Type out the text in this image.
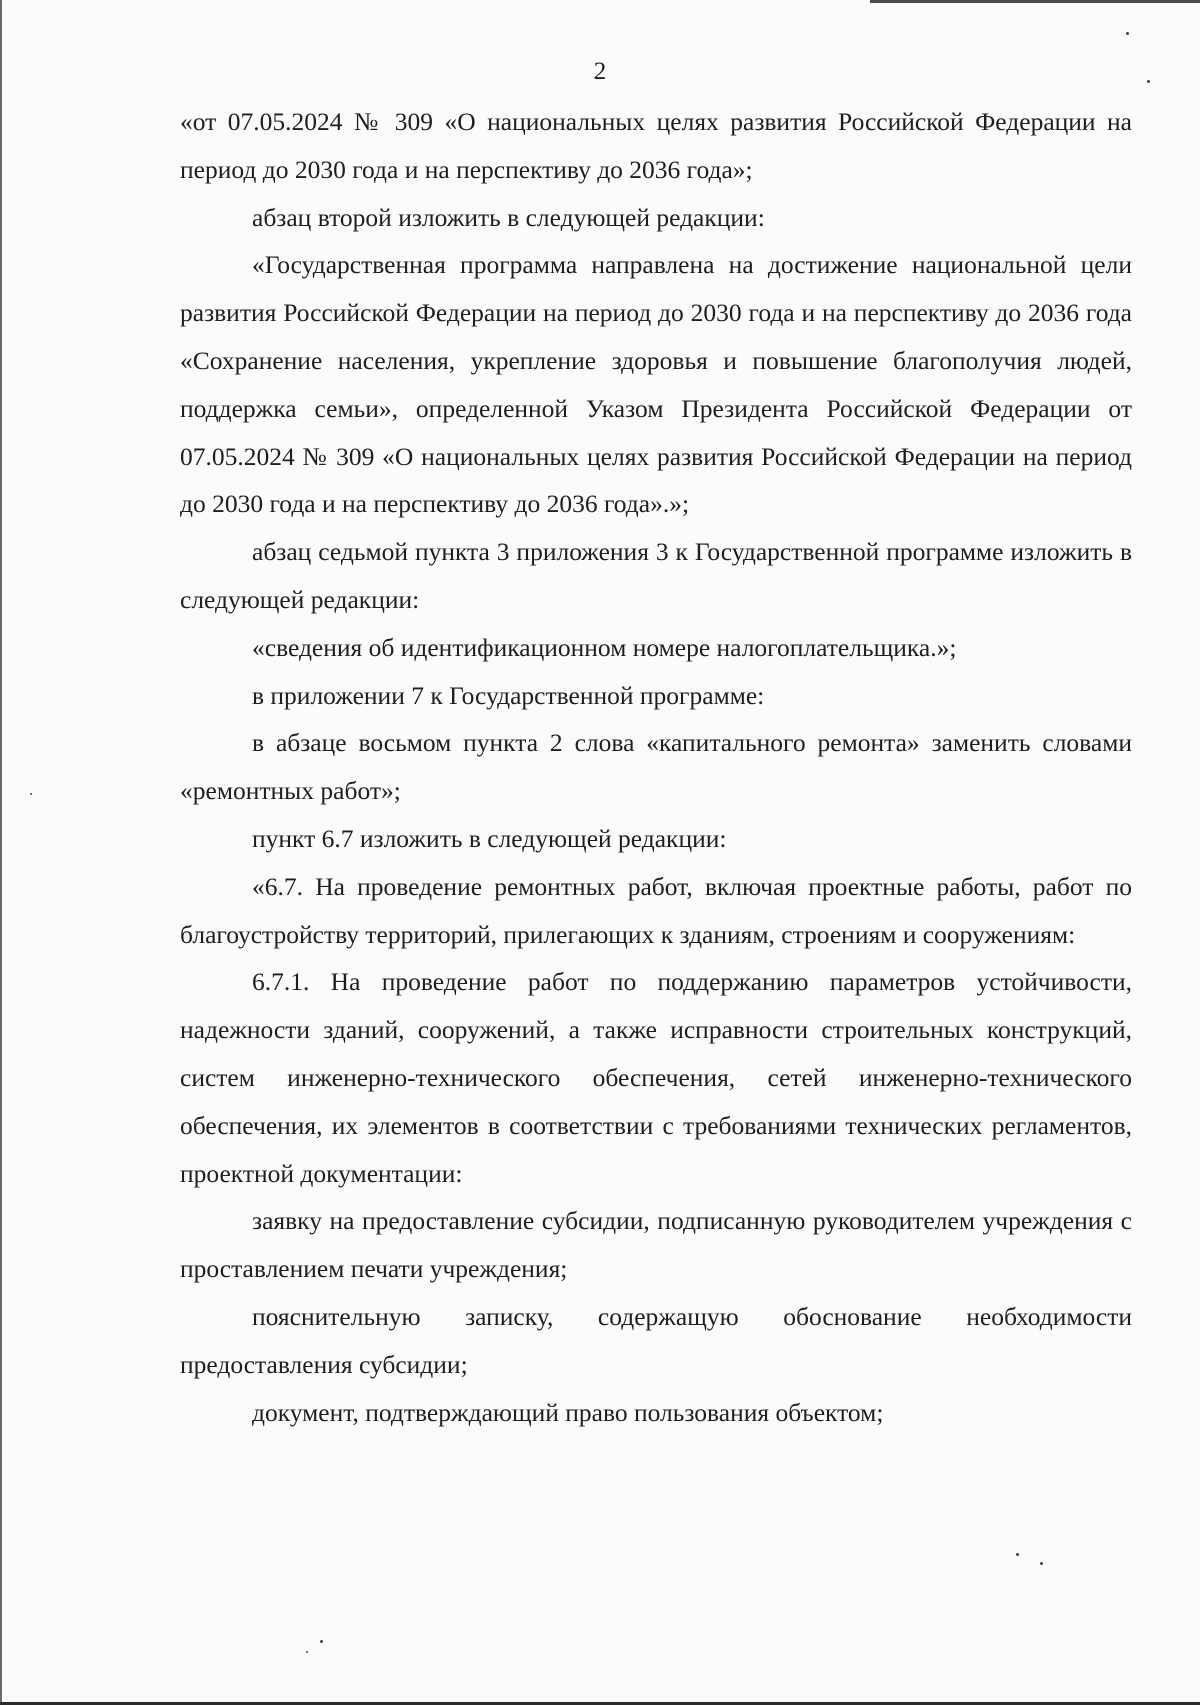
2

«от 07.05.2024 № 309 «О национальных целях развития Российской Федерации на период до 2030 года и на перспективу до 2036 года»;

абзац второй изложить в следующей редакции:

«Государственная программа направлена на достижение национальной цели развития Российской Федерации на период до 2030 года и на перспективу до 2036 года «Сохранение населения, укрепление здоровья и повышение благополучия людей, поддержка семьи», определенной Указом Президента Российской Федерации от 07.05.2024 № 309 «О национальных целях развития Российской Федерации на период до 2030 года и на перспективу до 2036 года».»;

абзац седьмой пункта 3 приложения 3 к Государственной программе изложить в следующей редакции:

«сведения об идентификационном номере налогоплательщика.»;

в приложении 7 к Государственной программе:

в абзаце восьмом пункта 2 слова «капитального ремонта» заменить словами «ремонтных работ»;

пункт 6.7 изложить в следующей редакции:

«6.7. На проведение ремонтных работ, включая проектные работы, работ по благоустройству территорий, прилегающих к зданиям, строениям и сооружениям:

6.7.1. На проведение работ по поддержанию параметров устойчивости, надежности зданий, сооружений, а также исправности строительных конструкций, систем инженерно-технического обеспечения, сетей инженерно-технического обеспечения, их элементов в соответствии с требованиями технических регламентов, проектной документации:

заявку на предоставление субсидии, подписанную руководителем учреждения с проставлением печати учреждения;

пояснительную записку, содержащую обоснование необходимости предоставления субсидии;

документ, подтверждающий право пользования объектом;
